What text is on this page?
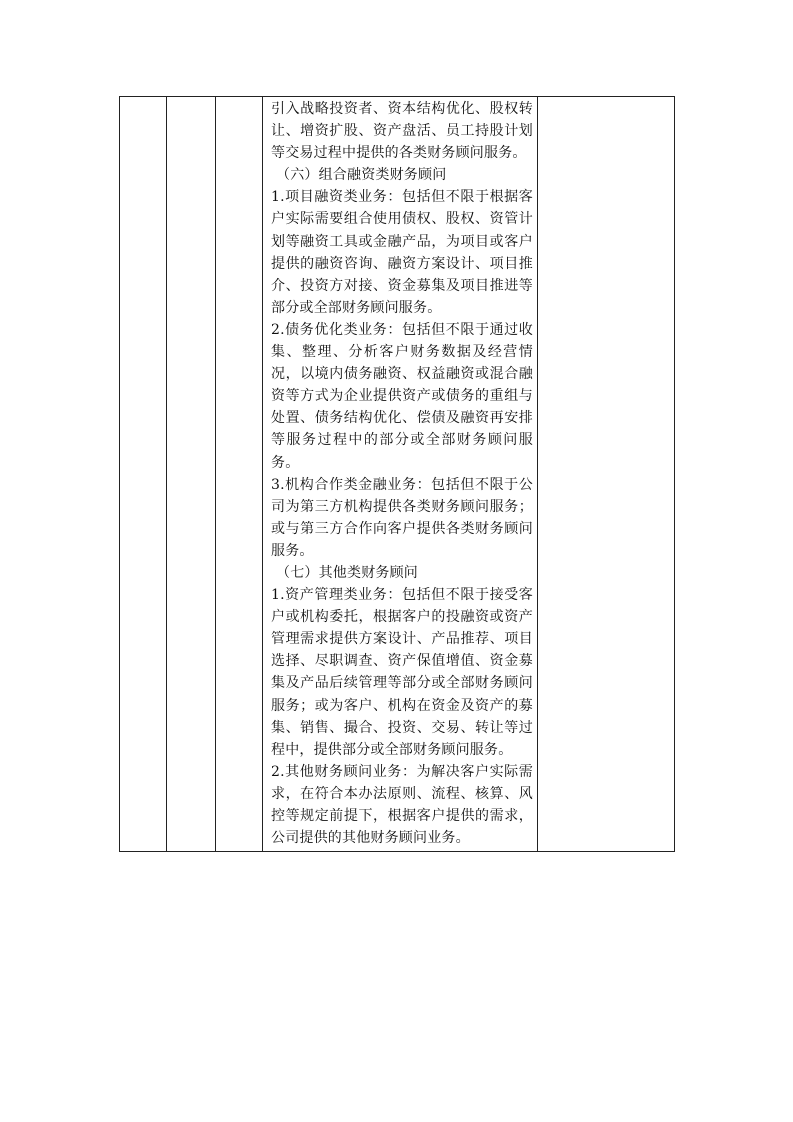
引入战略投资者、资本结构优化、股权转让、增资扩股、资产盘活、员工持股计划等交易过程中提供的各类财务顾问服务。

（六）组合融资类财务顾问

1.项目融资类业务：包括但不限于根据客户实际需要组合使用债权、股权、资管计划等融资工具或金融产品，为项目或客户提供的融资咨询、融资方案设计、项目推介、投资方对接、资金募集及项目推进等部分或全部财务顾问服务。

2.债务优化类业务：包括但不限于通过收集、整理、分析客户财务数据及经营情况，以境内债务融资、权益融资或混合融资等方式为企业提供资产或债务的重组与处置、债务结构优化、偿债及融资再安排等服务过程中的部分或全部财务顾问服务。

3.机构合作类金融业务：包括但不限于公司为第三方机构提供各类财务顾问服务；或与第三方合作向客户提供各类财务顾问服务。

（七）其他类财务顾问

1.资产管理类业务：包括但不限于接受客户或机构委托，根据客户的投融资或资产管理需求提供方案设计、产品推荐、项目选择、尽职调查、资产保值增值、资金募集及产品后续管理等部分或全部财务顾问服务；或为客户、机构在资金及资产的募集、销售、撮合、投资、交易、转让等过程中，提供部分或全部财务顾问服务。

2.其他财务顾问业务：为解决客户实际需求，在符合本办法原则、流程、核算、风控等规定前提下，根据客户提供的需求，公司提供的其他财务顾问业务。
